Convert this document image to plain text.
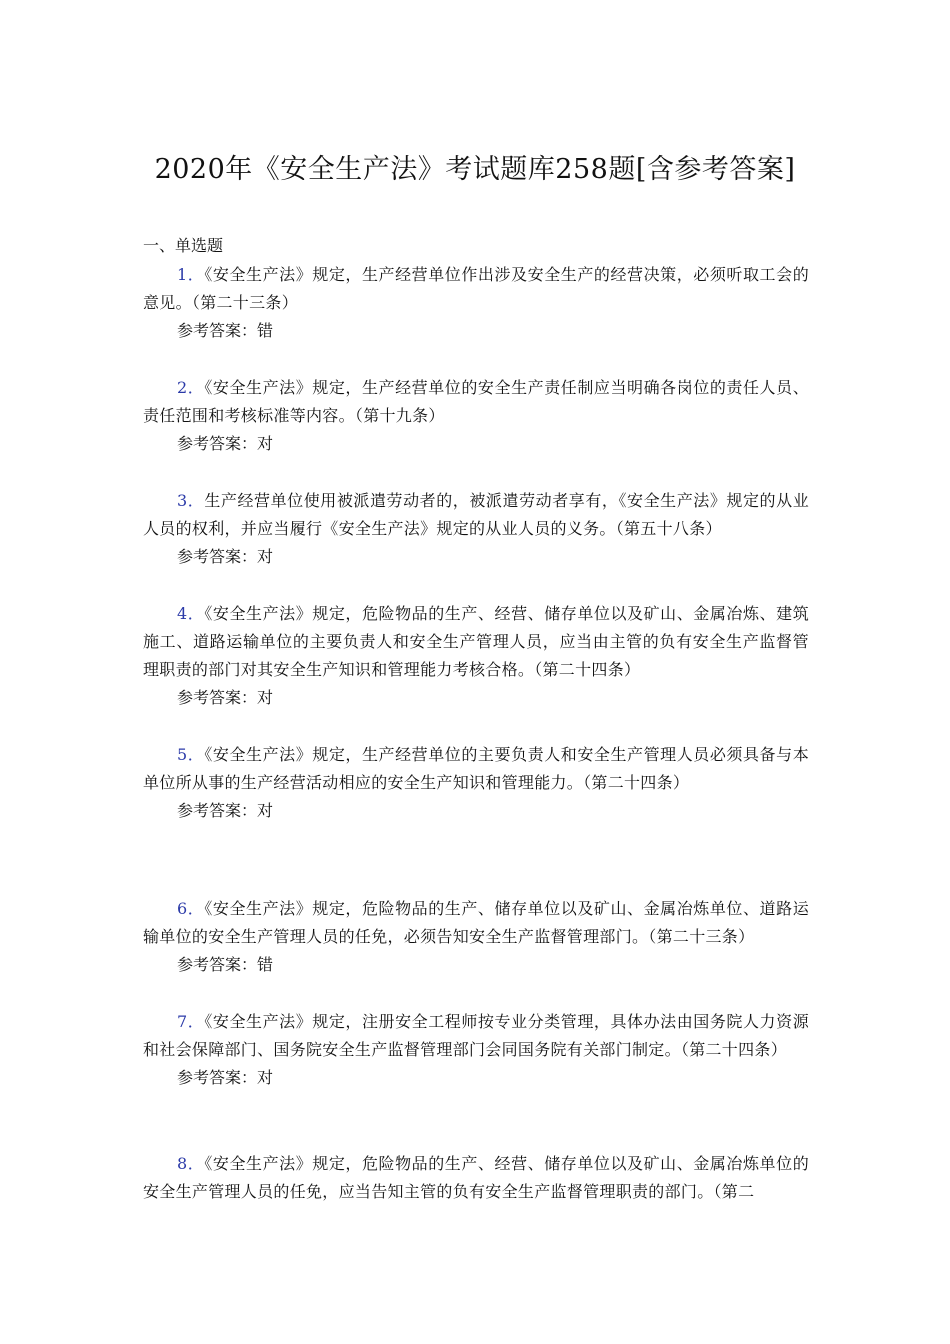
2020年《安全生产法》考试题库258题[含参考答案]
一、单选题

1．《安全生产法》规定，生产经营单位作出涉及安全生产的经营决策，必须听取工会的意见。（第二十三条）

参考答案：错

2．《安全生产法》规定，生产经营单位的安全生产责任制应当明确各岗位的责任人员、责任范围和考核标准等内容。（第十九条）

参考答案：对

3．生产经营单位使用被派遣劳动者的，被派遣劳动者享有，《安全生产法》规定的从业人员的权利，并应当履行《安全生产法》规定的从业人员的义务。（第五十八条）

参考答案：对

4．《安全生产法》规定，危险物品的生产、经营、储存单位以及矿山、金属冶炼、建筑施工、道路运输单位的主要负责人和安全生产管理人员，应当由主管的负有安全生产监督管理职责的部门对其安全生产知识和管理能力考核合格。（第二十四条）

参考答案：对

5．《安全生产法》规定，生产经营单位的主要负责人和安全生产管理人员必须具备与本单位所从事的生产经营活动相应的安全生产知识和管理能力。（第二十四条）

参考答案：对

6．《安全生产法》规定，危险物品的生产、储存单位以及矿山、金属冶炼单位、道路运输单位的安全生产管理人员的任免，必须告知安全生产监督管理部门。（第二十三条）

参考答案：错

7．《安全生产法》规定，注册安全工程师按专业分类管理，具体办法由国务院人力资源和社会保障部门、国务院安全生产监督管理部门会同国务院有关部门制定。（第二十四条）

参考答案：对

8．《安全生产法》规定，危险物品的生产、经营、储存单位以及矿山、金属冶炼单位的安全生产管理人员的任免，应当告知主管的负有安全生产监督管理职责的部门。（第二
